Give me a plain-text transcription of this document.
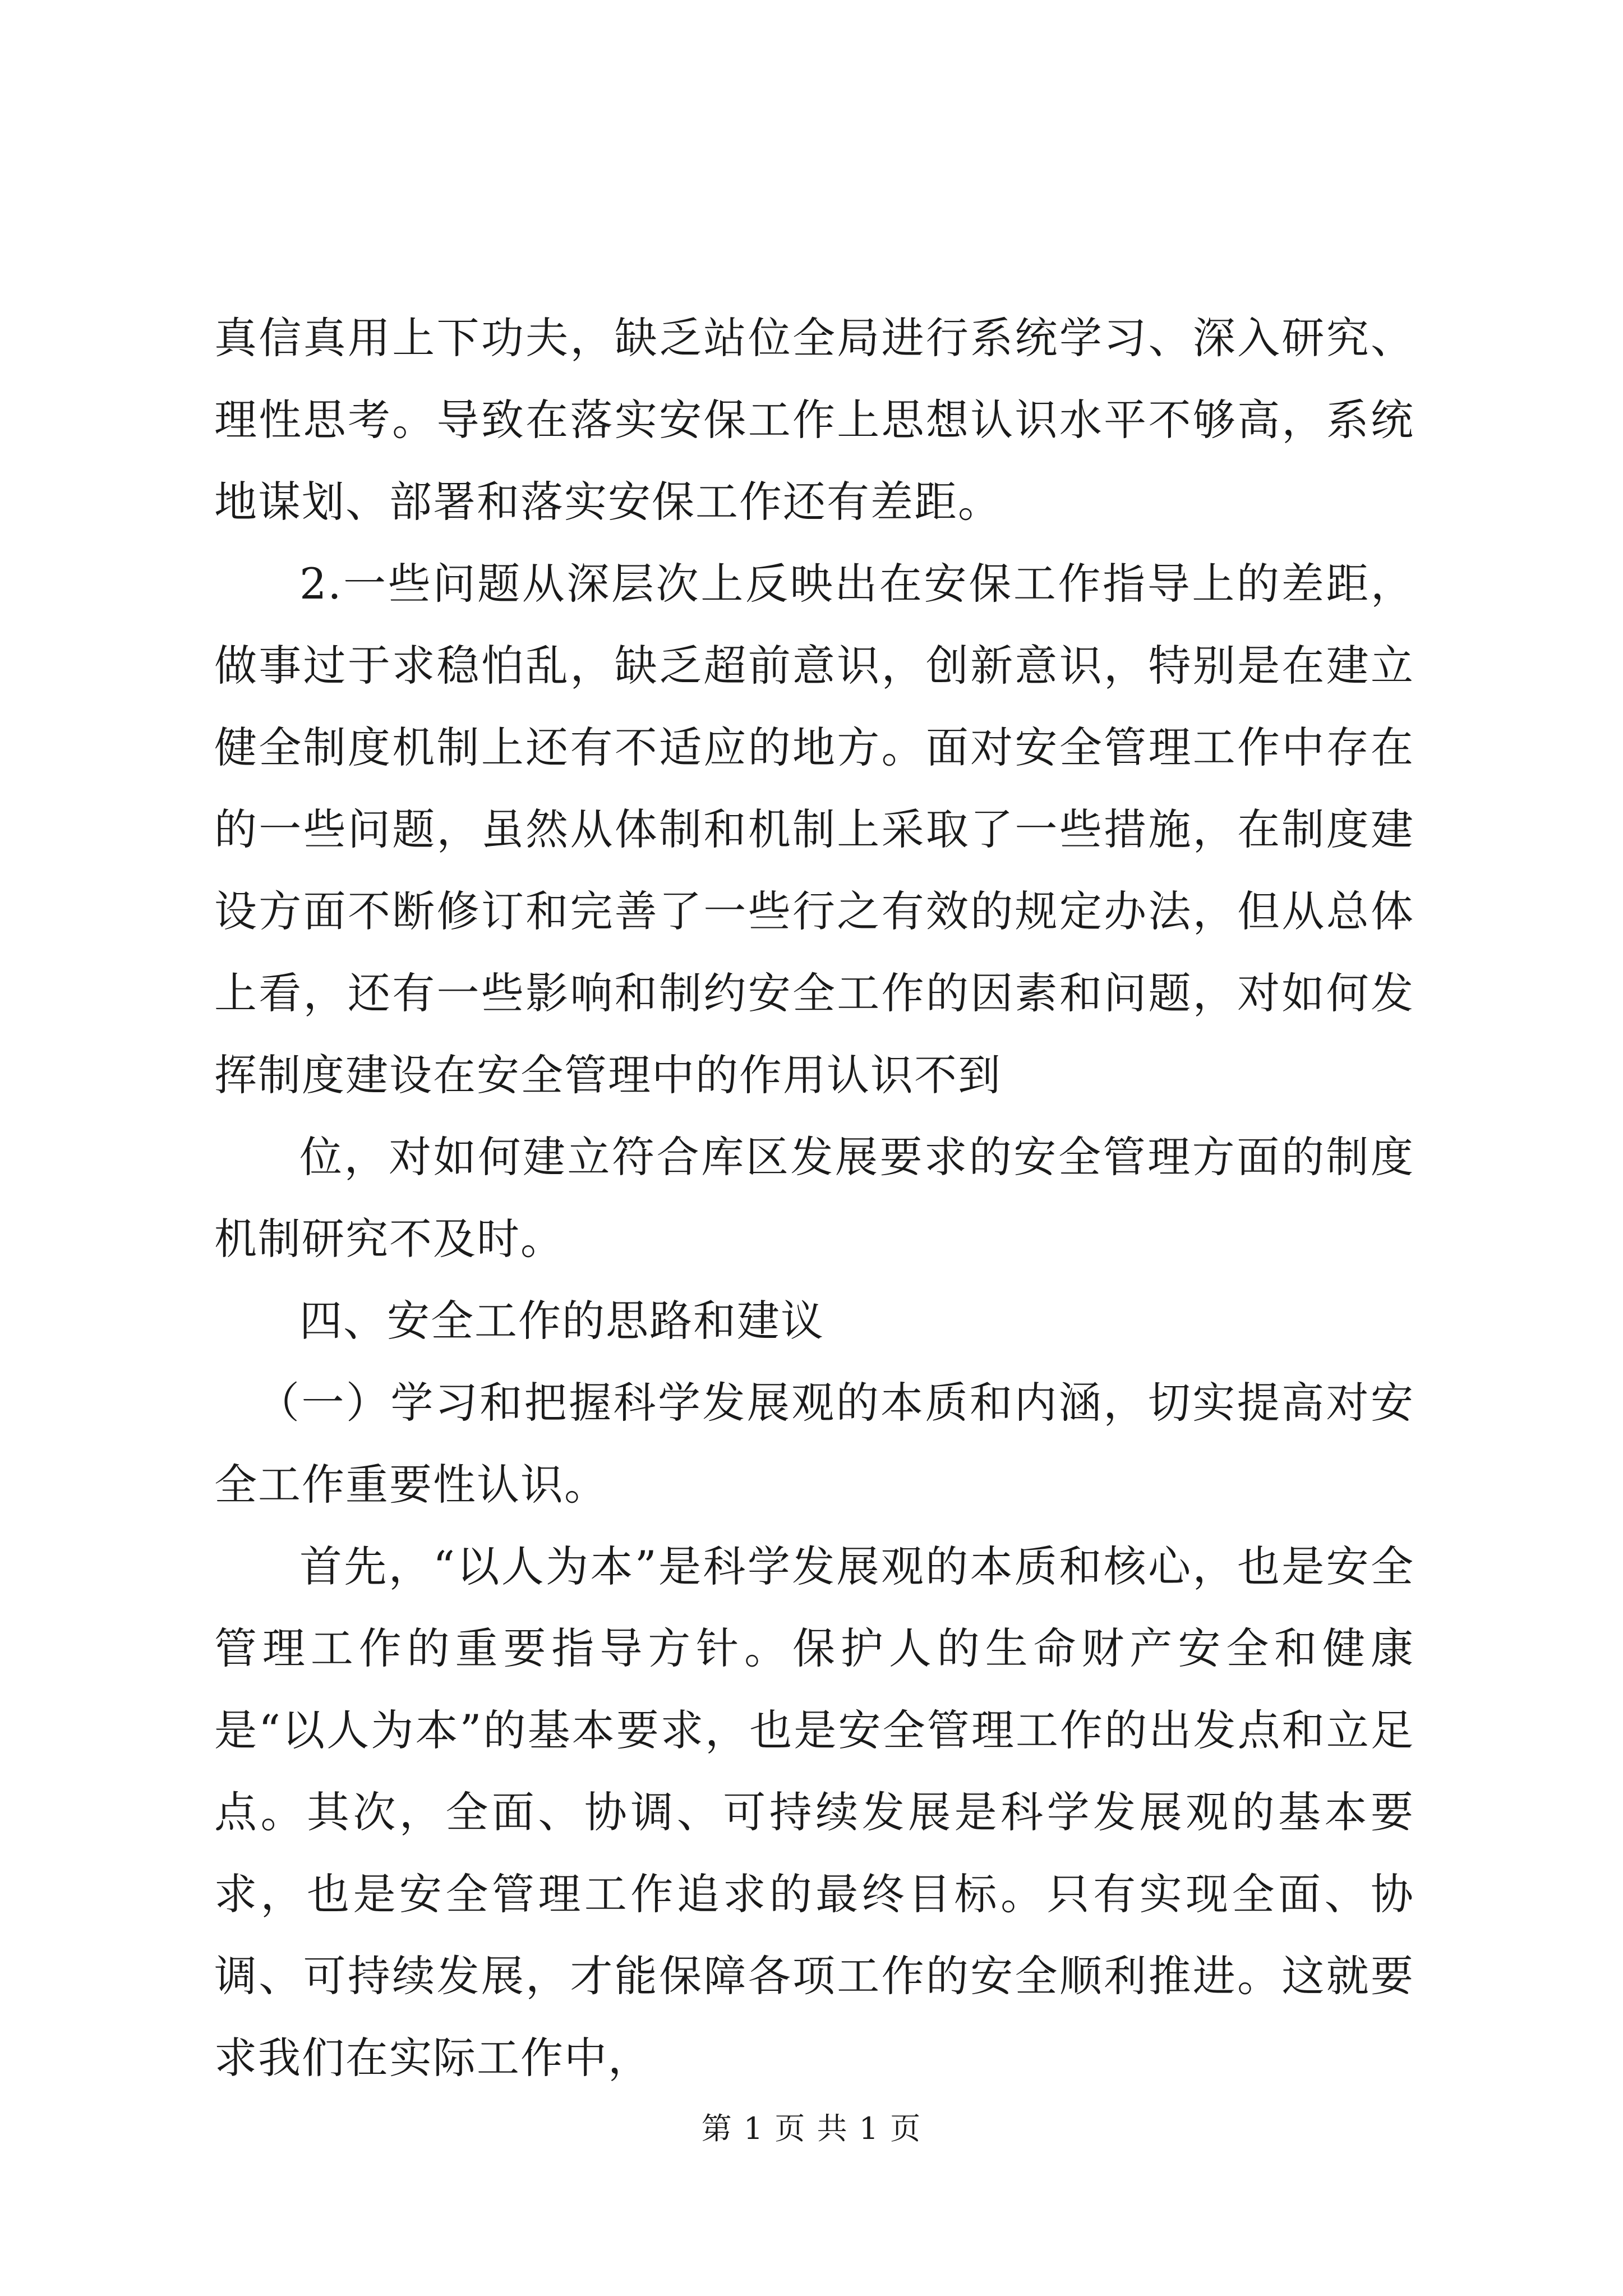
真信真用上下功夫，缺乏站位全局进行系统学习、深入研究、理性思考。导致在落实安保工作上思想认识水平不够高，系统地谋划、部署和落实安保工作还有差距。

2.一些问题从深层次上反映出在安保工作指导上的差距，做事过于求稳怕乱，缺乏超前意识，创新意识，特别是在建立健全制度机制上还有不适应的地方。面对安全管理工作中存在的一些问题，虽然从体制和机制上采取了一些措施，在制度建设方面不断修订和完善了一些行之有效的规定办法，但从总体上看，还有一些影响和制约安全工作的因素和问题，对如何发挥制度建设在安全管理中的作用认识不到

位，对如何建立符合库区发展要求的安全管理方面的制度机制研究不及时。

四、安全工作的思路和建议

（一）学习和把握科学发展观的本质和内涵，切实提高对安全工作重要性认识。

首先，“以人为本”是科学发展观的本质和核心，也是安全管理工作的重要指导方针。保护人的生命财产安全和健康是“以人为本”的基本要求，也是安全管理工作的出发点和立足点。其次，全面、协调、可持续发展是科学发展观的基本要求，也是安全管理工作追求的最终目标。只有实现全面、协调、可持续发展，才能保障各项工作的安全顺利推进。这就要求我们在实际工作中，

第 1 页 共 1 页
